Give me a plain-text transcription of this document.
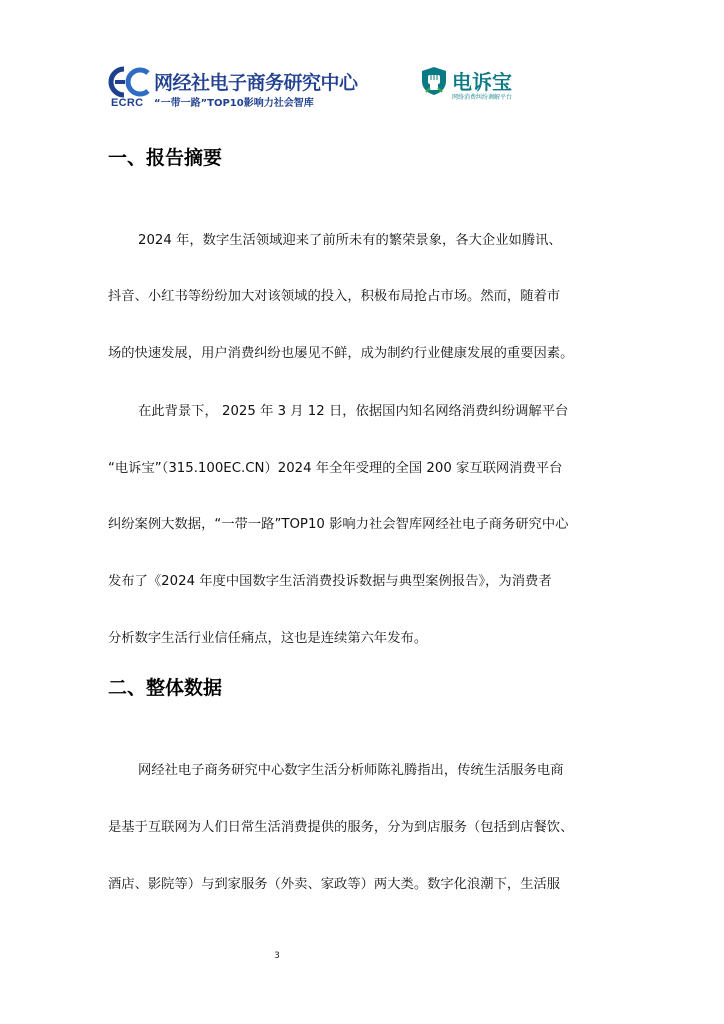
ECRC
网经社电子商务研究中心
“一带一路”TOP10影响力社会智库
电诉宝
网络消费纠纷调解平台
一、报告摘要

2024 年，数字生活领域迎来了前所未有的繁荣景象，各大企业如腾讯、

抖音、小红书等纷纷加大对该领域的投入，积极布局抢占市场。然而，随着市

场的快速发展，用户消费纠纷也屡见不鲜，成为制约行业健康发展的重要因素。

在此背景下， 2025 年 3 月 12 日，依据国内知名网络消费纠纷调解平台

“电诉宝”（315.100EC.CN）2024 年全年受理的全国 200 家互联网消费平台

纠纷案例大数据，“一带一路”TOP10 影响力社会智库网经社电子商务研究中心

发布了《2024 年度中国数字生活消费投诉数据与典型案例报告》，为消费者

分析数字生活行业信任痛点，这也是连续第六年发布。

二、整体数据

网经社电子商务研究中心数字生活分析师陈礼腾指出，传统生活服务电商

是基于互联网为人们日常生活消费提供的服务，分为到店服务（包括到店餐饮、

酒店、影院等）与到家服务（外卖、家政等）两大类。数字化浪潮下，生活服

3
